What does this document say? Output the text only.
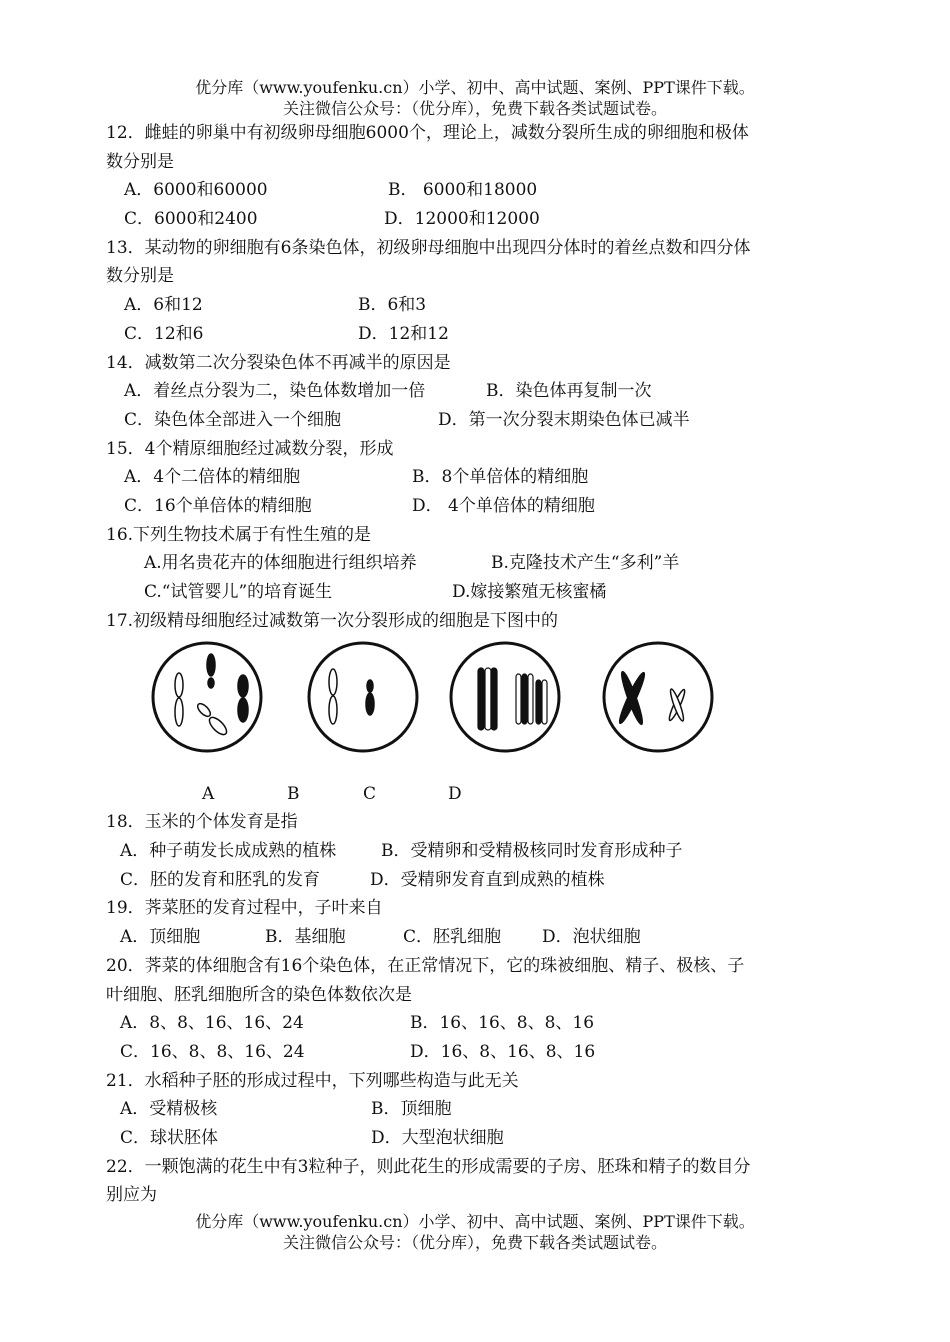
优分库（www.youfenku.cn）小学、初中、高中试题、案例、PPT课件下载。
关注微信公众号：（优分库），免费下载各类试题试卷。
12．雌蛙的卵巢中有初级卵母细胞6000个，理论上，减数分裂所生成的卵细胞和极体
数分别是
A．6000和60000	B． 6000和18000
C．6000和2400	D．12000和12000
13．某动物的卵细胞有6条染色体，初级卵母细胞中出现四分体时的着丝点数和四分体
数分别是
A．6和12	B．6和3
C．12和6	D．12和12
14．减数第二次分裂染色体不再减半的原因是
A．着丝点分裂为二，染色体数增加一倍	B．染色体再复制一次
C．染色体全部进入一个细胞	D．第一次分裂末期染色体已减半
15．4个精原细胞经过减数分裂，形成
A．4个二倍体的精细胞	B．8个单倍体的精细胞
C．16个单倍体的精细胞	D． 4个单倍体的精细胞
16.下列生物技术属于有性生殖的是
A.用名贵花卉的体细胞进行组织培养	B.克隆技术产生“多利”羊
C.“试管婴儿”的培育诞生	D.嫁接繁殖无核蜜橘
17.初级精母细胞经过减数第一次分裂形成的细胞是下图中的
A	B	C	D
18．玉米的个体发育是指
A．种子萌发长成成熟的植株	B．受精卵和受精极核同时发育形成种子
C．胚的发育和胚乳的发育	D．受精卵发育直到成熟的植株
19．荠菜胚的发育过程中，子叶来自
A．顶细胞	B．基细胞	C．胚乳细胞 D．泡状细胞
20．荠菜的体细胞含有16个染色体，在正常情况下，它的珠被细胞、精子、极核、子
叶细胞、胚乳细胞所含的染色体数依次是
A．8、8、16、16、24	B．16、16、8、8、16
C．16、8、8、16、24	D．16、8、16、8、16
21．水稻种子胚的形成过程中，下列哪些构造与此无关
A．受精极核	B．顶细胞
C．球状胚体	D．大型泡状细胞
22．一颗饱满的花生中有3粒种子，则此花生的形成需要的子房、胚珠和精子的数目分
别应为
优分库（www.youfenku.cn）小学、初中、高中试题、案例、PPT课件下载。
关注微信公众号：（优分库），免费下载各类试题试卷。
